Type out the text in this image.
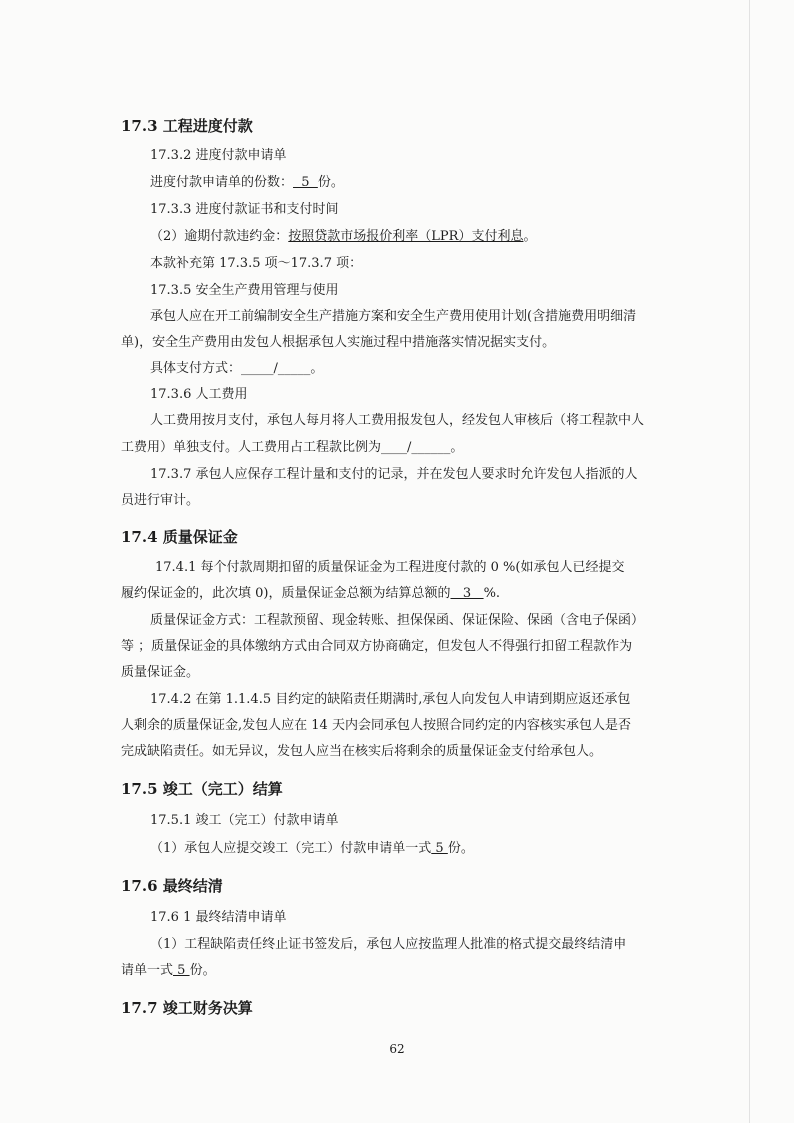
17.3 工程进度付款
17.3.2 进度付款申请单
进度付款申请单的份数：  5  份。
17.3.3 进度付款证书和支付时间
（2）逾期付款违约金：按照贷款市场报价利率（LPR）支付利息。
本款补充第 17.3.5 项～17.3.7 项：
17.3.5 安全生产费用管理与使用
承包人应在开工前编制安全生产措施方案和安全生产费用使用计划(含措施费用明细清
单)，安全生产费用由发包人根据承包人实施过程中措施落实情况据实支付。
具体支付方式：_____/_____。
17.3.6 人工费用
人工费用按月支付，承包人每月将人工费用报发包人，经发包人审核后（将工程款中人
工费用）单独支付。人工费用占工程款比例为____/______。
17.3.7 承包人应保存工程计量和支付的记录，并在发包人要求时允许发包人指派的人
员进行审计。
17.4 质量保证金
17.4.1 每个付款周期扣留的质量保证金为工程进度付款的 0 %(如承包人已经提交
履约保证金的，此次填 0)，质量保证金总额为结算总额的   3   %.
质量保证金方式：工程款预留、现金转账、担保保函、保证保险、保函（含电子保函）
等 ；质量保证金的具体缴纳方式由合同双方协商确定，但发包人不得强行扣留工程款作为
质量保证金。
17.4.2 在第 1.1.4.5 目约定的缺陷责任期满时,承包人向发包人申请到期应返还承包
人剩余的质量保证金,发包人应在 14 天内会同承包人按照合同约定的内容核实承包人是否
完成缺陷责任。如无异议，发包人应当在核实后将剩余的质量保证金支付给承包人。
17.5 竣工（完工）结算
17.5.1 竣工（完工）付款申请单
（1）承包人应提交竣工（完工）付款申请单一式 5 份。
17.6 最终结清
17.6 1 最终结清申请单
（1）工程缺陷责任终止证书签发后，承包人应按监理人批准的格式提交最终结清申
请单一式 5 份。
17.7 竣工财务决算
62
